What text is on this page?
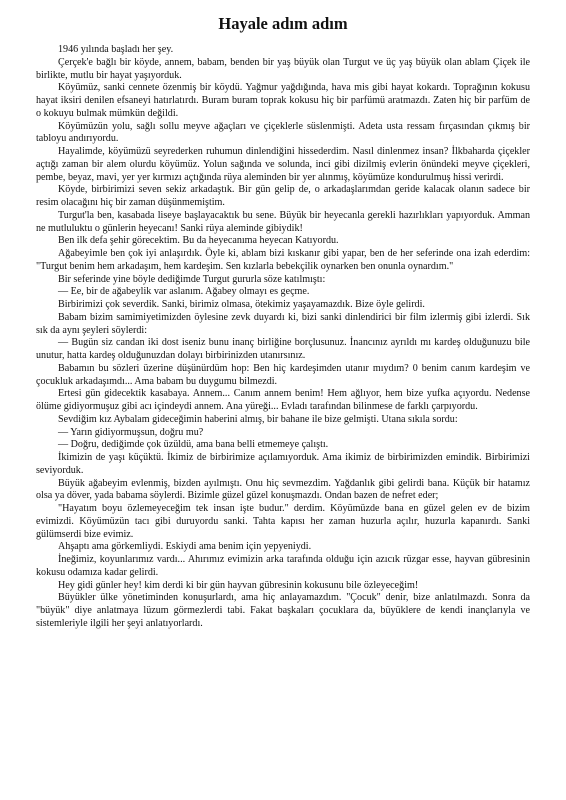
Hayale adım adım

1946 yılında başladı her şey.

Çerçek'e bağlı bir köyde, annem, babam, benden bir yaş büyük olan Turgut ve üç yaş büyük olan ablam Çiçek ile birlikte, mutlu bir hayat yaşıyorduk.

Köyümüz, sanki cennete özenmiş bir köydü. Yağmur yağdığında, hava mis gibi hayat kokardı. Toprağının kokusu hayat iksiri denilen efsaneyi hatırlatırdı. Buram buram toprak kokusu hiç bir parfümü aratmazdı. Zaten hiç bir parfüm de o kokuyu bulmak mümkün değildi.

Köyümüzün yolu, sağlı sollu meyve ağaçları ve çiçeklerle süslenmişti. Adeta usta ressam fırçasından çıkmış bir tabloyu andırıyordu.

Hayalimde, köyümüzü seyrederken ruhumun dinlendiğini hissederdim. Nasıl dinlenmez insan? İlkbaharda çiçekler açtığı zaman bir alem olurdu köyümüz. Yolun sağında ve solunda, inci gibi dizilmiş evlerin önündeki meyve çiçekleri, pembe, beyaz, mavi, yer yer kırmızı açtığında rüya aleminden bir yer alınmış, köyümüze kondurulmuş hissi verirdi.

Köyde, birbirimizi seven sekiz arkadaştık. Bir gün gelip de, o arkadaşlarımdan geride kalacak olanın sadece bir resim olacağını hiç bir zaman düşünmemiştim.

Turgut'la ben, kasabada liseye başlayacaktık bu sene. Büyük bir heyecanla gerekli hazırlıkları yapıyorduk. Amman ne mutluluktu o günlerin heyecanı! Sanki rüya aleminde gibiydik!

Ben ilk defa şehir görecektim. Bu da heyecanıma heyecan Katıyordu.

Ağabeyimle ben çok iyi anlaşırdık. Öyle ki, ablam bizi kıskanır gibi yapar, ben de her seferinde ona izah ederdim: "Turgut benim hem arkadaşım, hem kardeşim. Sen kızlarla bebekçilik oynarken ben onunla oynardım."

Bir seferinde yine böyle dediğimde Turgut gururla söze katılmıştı:

— Ee, bir de ağabeylik var aslanım. Ağabey olmayı es geçme.

Birbirimizi çok severdik. Sanki, birimiz olmasa, ötekimiz yaşayamazdık. Bize öyle gelirdi.

Babam bizim samimiyetimizden öylesine zevk duyardı ki, bizi sanki dinlendirici bir film izlermiş gibi izlerdi. Sık sık da aynı şeyleri söylerdi:

— Bugün siz candan iki dost iseniz bunu inanç birliğine borçlusunuz. İnancınız ayrıldı mı kardeş olduğunuzu bile unutur, hatta kardeş olduğunuzdan dolayı birbirinizden utanırsınız.

Babamın bu sözleri üzerine düşünürdüm hop: Ben hiç kardeşimden utanır mıydım? 0 benim canım kardeşim ve çocukluk arkadaşımdı... Ama babam bu duygumu bilmezdi.

Ertesi gün gidecektik kasabaya. Annem... Canım annem benim! Hem ağlıyor, hem bize yufka açıyordu. Nedense ölüme gidiyormuşuz gibi acı içindeydi annem. Ana yüreği... Evladı tarafından bilinmese de farklı çarpıyordu.

Sevdiğim kız Aybalam gideceğimin haberini almış, bir bahane ile bize gelmişti. Utana sıkıla sordu:

— Yarın gidiyormuşsun, doğru mu?

— Doğru, dediğimde çok üzüldü, ama bana belli etmemeye çalıştı.

İkimizin de yaşı küçüktü. İkimiz de birbirimize açılamıyorduk. Ama ikimiz de birbirimizden emindik. Birbirimizi seviyorduk.

Büyük ağabeyim evlenmiş, bizden ayılmıştı. Onu hiç sevmezdim. Yağdanlık gibi gelirdi bana. Küçük bir hatamız olsa ya döver, yada babama söylerdi. Bizimle güzel güzel konuşmazdı. Ondan bazen de nefret eder;

"Hayatım boyu özlemeyeceğim tek insan işte budur." derdim. Köyümüzde bana en güzel gelen ev de bizim evimizdi. Köyümüzün tacı gibi duruyordu sanki. Tahta kapısı her zaman huzurla açılır, huzurla kapanırdı. Sanki gülümserdi bize evimiz.

Ahşaptı ama görkemliydi. Eskiydi ama benim için yepyeniydi.

İneğimiz, koyunlarımız vardı... Ahırımız evimizin arka tarafında olduğu için azıcık rüzgar esse, hayvan gübresinin kokusu odamıza kadar gelirdi.

Hey gidi günler hey! kim derdi ki bir gün hayvan gübresinin kokusunu bile özleyeceğim!

Büyükler ülke yönetiminden konuşurlardı, ama hiç anlayamazdım. "Çocuk" denir, bize anlatılmazdı. Sonra da "büyük" diye anlatmaya lüzum görmezlerdi tabi. Fakat başkaları çocuklara da, büyüklere de kendi inançlarıyla ve sistemleriyle ilgili her şeyi anlatıyorlardı.
